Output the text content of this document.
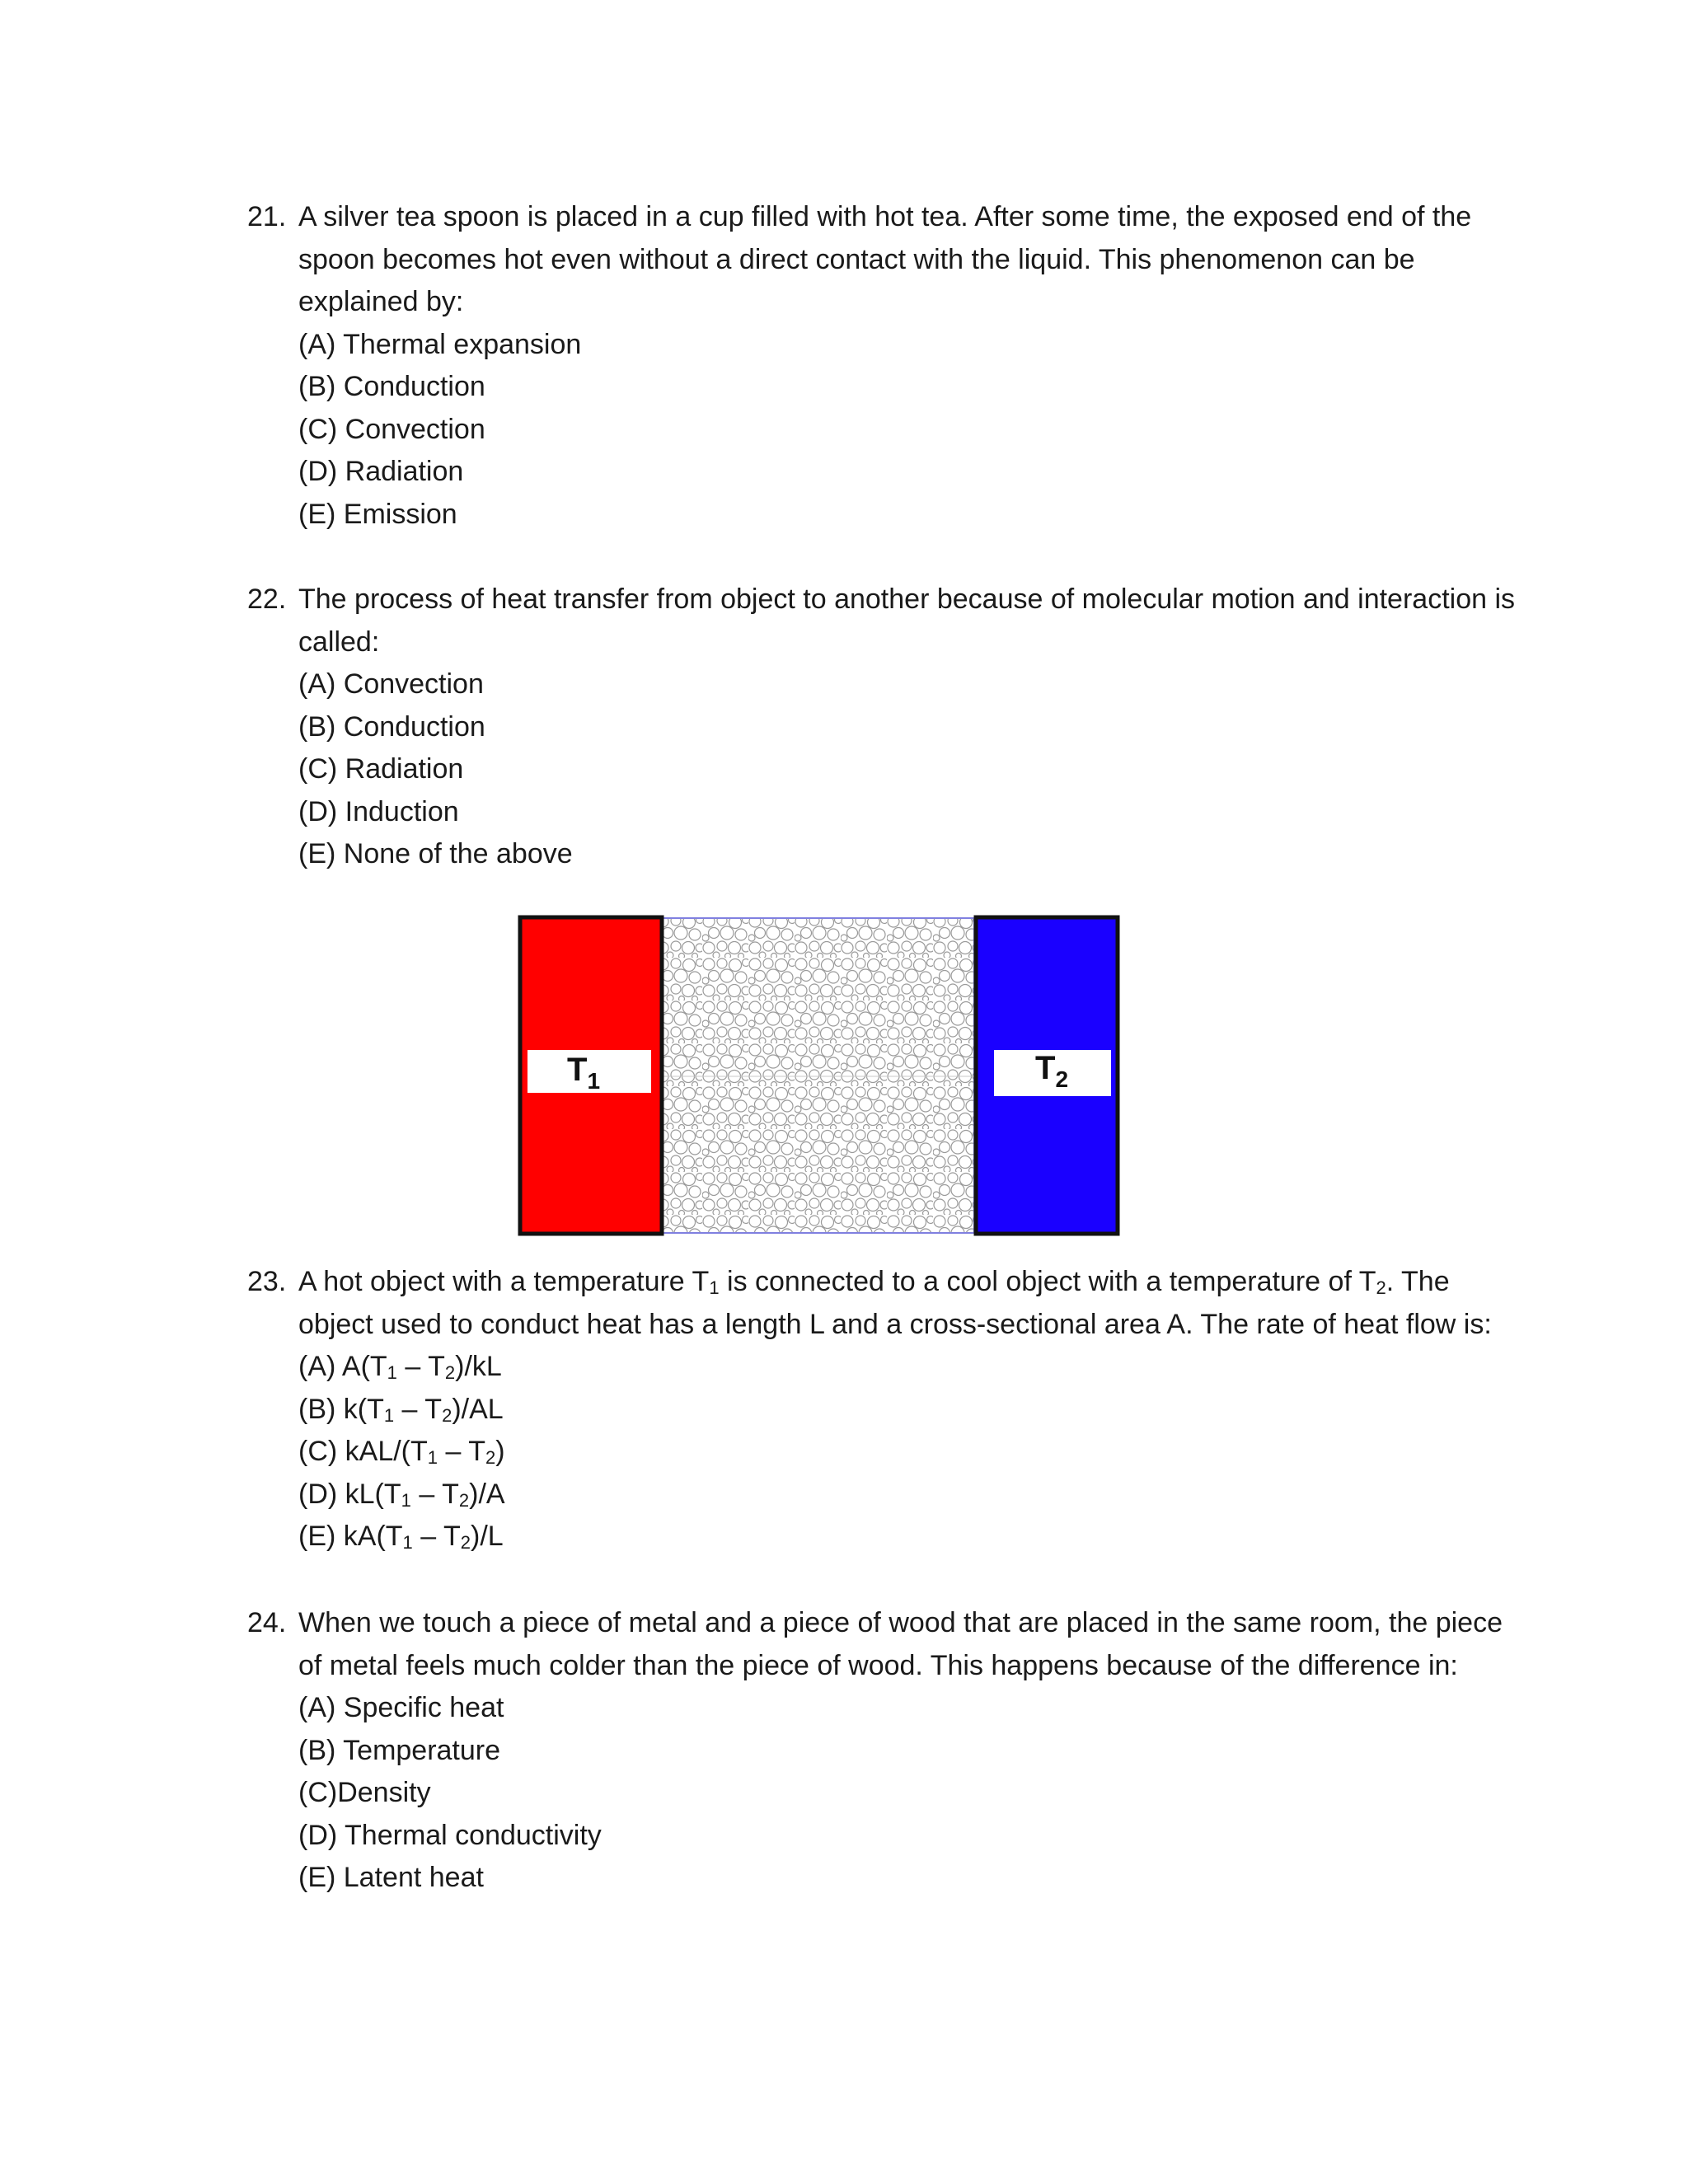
21. A silver tea spoon is placed in a cup filled with hot tea. After some time, the exposed end of the spoon becomes hot even without a direct contact with the liquid. This phenomenon can be explained by:
(A) Thermal expansion
(B) Conduction
(C) Convection
(D) Radiation
(E) Emission
22. The process of heat transfer from object to another because of molecular motion and interaction is called:
(A) Convection
(B) Conduction
(C) Radiation
(D) Induction
(E) None of the above
$T_1$	$T_2$
23. A hot object with a temperature $T_1$ is connected to a cool object with a temperature of $T_2$. The object used to conduct heat has a length L and a cross-sectional area A. The rate of heat flow is:
(A) $A(T_1 - T_2)/kL$
(B) $k(T_1 - T_2)/AL$
(C) kAL/$(T_1 - T_2)$
(D) $kL(T_1 - T_2)/A$
(E) $kA(T_1 - T_2)/L$
24. When we touch a piece of metal and a piece of wood that are placed in the same room, the piece of metal feels much colder than the piece of wood. This happens because of the difference in:
(A) Specific heat
(B) Temperature
(C)Density
(D) Thermal conductivity
(E) Latent heat
